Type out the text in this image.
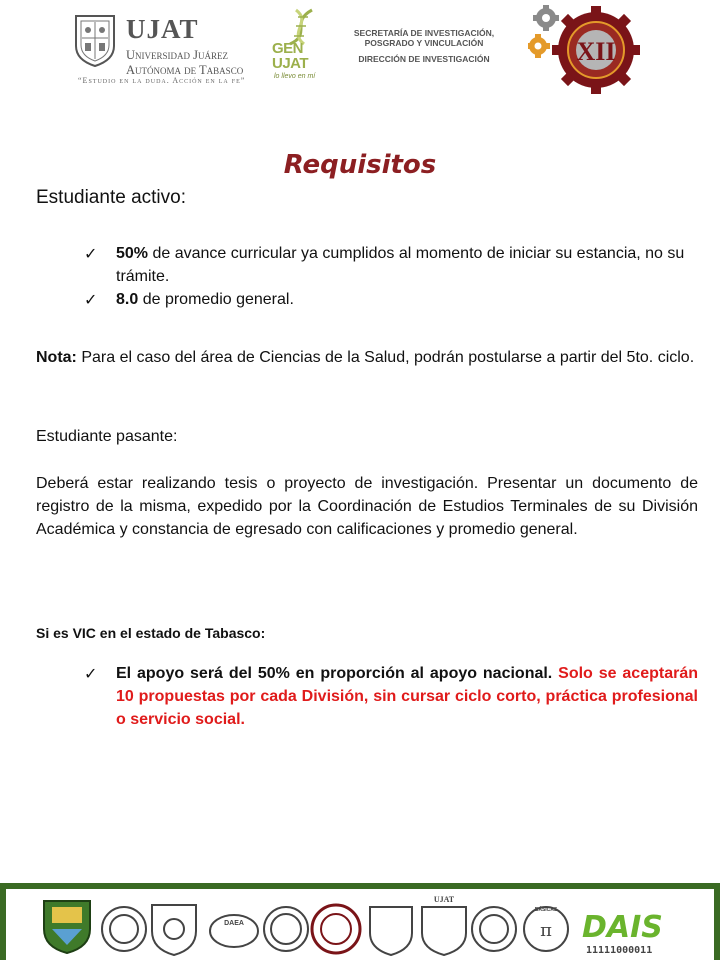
UJAT
Universidad Juárez
Autónoma de Tabasco
“Estudio en la duda. Acción en la fe”
GEN
UJAT
lo llevo en mí
SECRETARÍA DE INVESTIGACIÓN,
POSGRADO Y VINCULACIÓN
DIRECCIÓN DE INVESTIGACIÓN	XII
Requisitos
Estudiante activo:
✓ 50% de avance curricular ya cumplidos al momento de iniciar su estancia, no su trámite.
✓ 8.0 de promedio general.
Nota: Para el caso del área de Ciencias de la Salud, podrán postularse a partir del 5to. ciclo.
Estudiante pasante:
Deberá estar realizando tesis o proyecto de investigación. Presentar un documento de registro de la misma, expedido por la Coordinación de Estudios Terminales de su División Académica y constancia de egresado con calificaciones y promedio general.
Si es VIC en el estado de Tabasco:
✓ El apoyo será del 50% en proporción al apoyo nacional. Solo se aceptarán 10 propuestas por cada División, sin cursar ciclo corto, práctica profesional o servicio social.
DAEA
UJAT
BÁSICAS
π DAIS
11111000011
